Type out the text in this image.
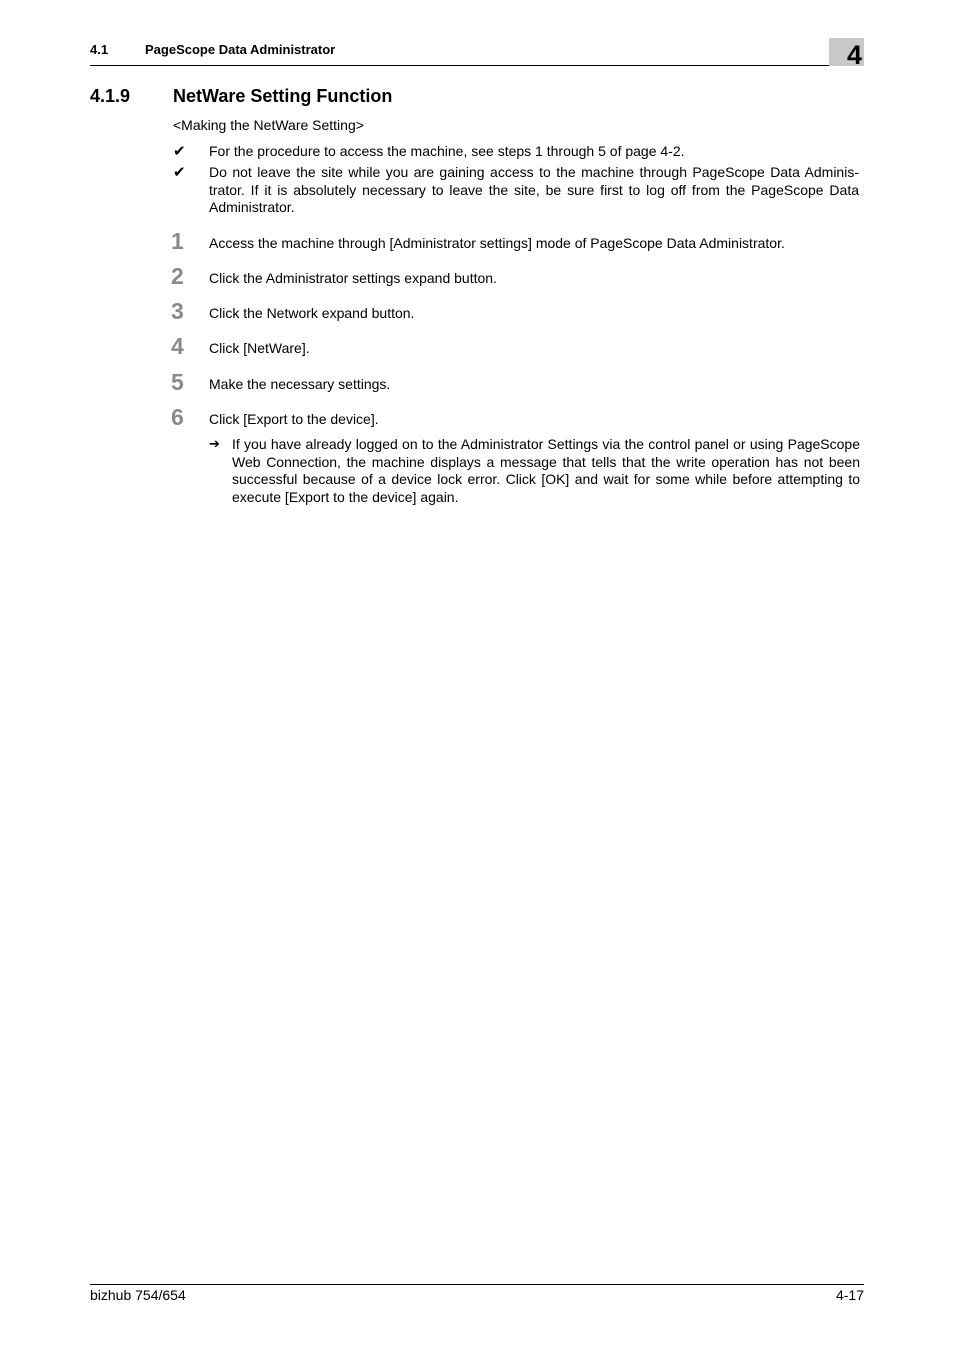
4.1	PageScope Data Administrator	4
4.1.9 NetWare Setting Function
<Making the NetWare Setting>
✔ For the procedure to access the machine, see steps 1 through 5 of page 4-2.
✔ Do not leave the site while you are gaining access to the machine through PageScope Data Adminis-trator. If it is absolutely necessary to leave the site, be sure first to log off from the PageScope Data Administrator.
1 Access the machine through [Administrator settings] mode of PageScope Data Administrator.
2 Click the Administrator settings expand button.
3 Click the Network expand button.
4 Click [NetWare].
5 Make the necessary settings.
6 Click [Export to the device].
➔ If you have already logged on to the Administrator Settings via the control panel or using PageScope Web Connection, the machine displays a message that tells that the write operation has not been successful because of a device lock error. Click [OK] and wait for some while before attempting to execute [Export to the device] again.
bizhub 754/654	4-17
